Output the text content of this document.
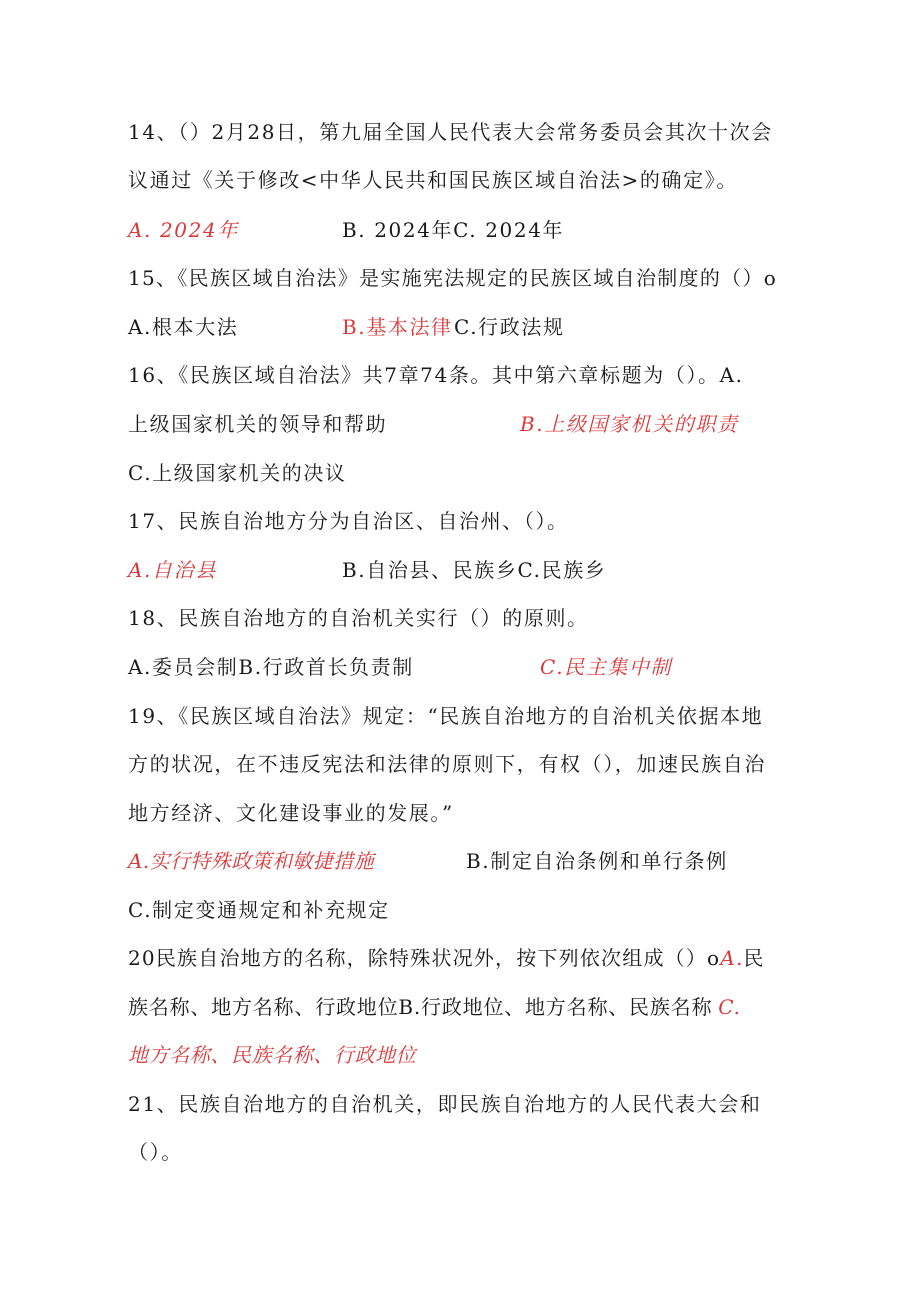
14、（）2月28日，第九届全国人民代表大会常务委员会其次十次会
议通过《关于修改<中华人民共和国民族区域自治法>的确定》。
A. 2024年	B. 2024年C. 2024年
15、《民族区域自治法》是实施宪法规定的民族区域自治制度的（）o
A.根本大法	B.基本法律 C.行政法规
16、《民族区域自治法》共7章74条。其中第六章标题为（）。A.
上级国家机关的领导和帮助	B.上级国家机关的职责
C.上级国家机关的决议
17、民族自治地方分为自治区、自治州、（）。
A.自治县	B.自治县、民族乡C.民族乡
18、民族自治地方的自治机关实行（）的原则。
A.委员会制B.行政首长负责制	C.民主集中制
19、《民族区域自治法》规定：“民族自治地方的自治机关依据本地
方的状况，在不违反宪法和法律的原则下，有权（），加速民族自治
地方经济、文化建设事业的发展。”
A.实行特殊政策和敏捷措施	B.制定自治条例和单行条例
C.制定变通规定和补充规定
20民族自治地方的名称，除特殊状况外，按下列依次组成（）oA.民
族名称、地方名称、行政地位B.行政地位、地方名称、民族名称 C.
地方名称、民族名称、行政地位
21、民族自治地方的自治机关，即民族自治地方的人民代表大会和
（）。
